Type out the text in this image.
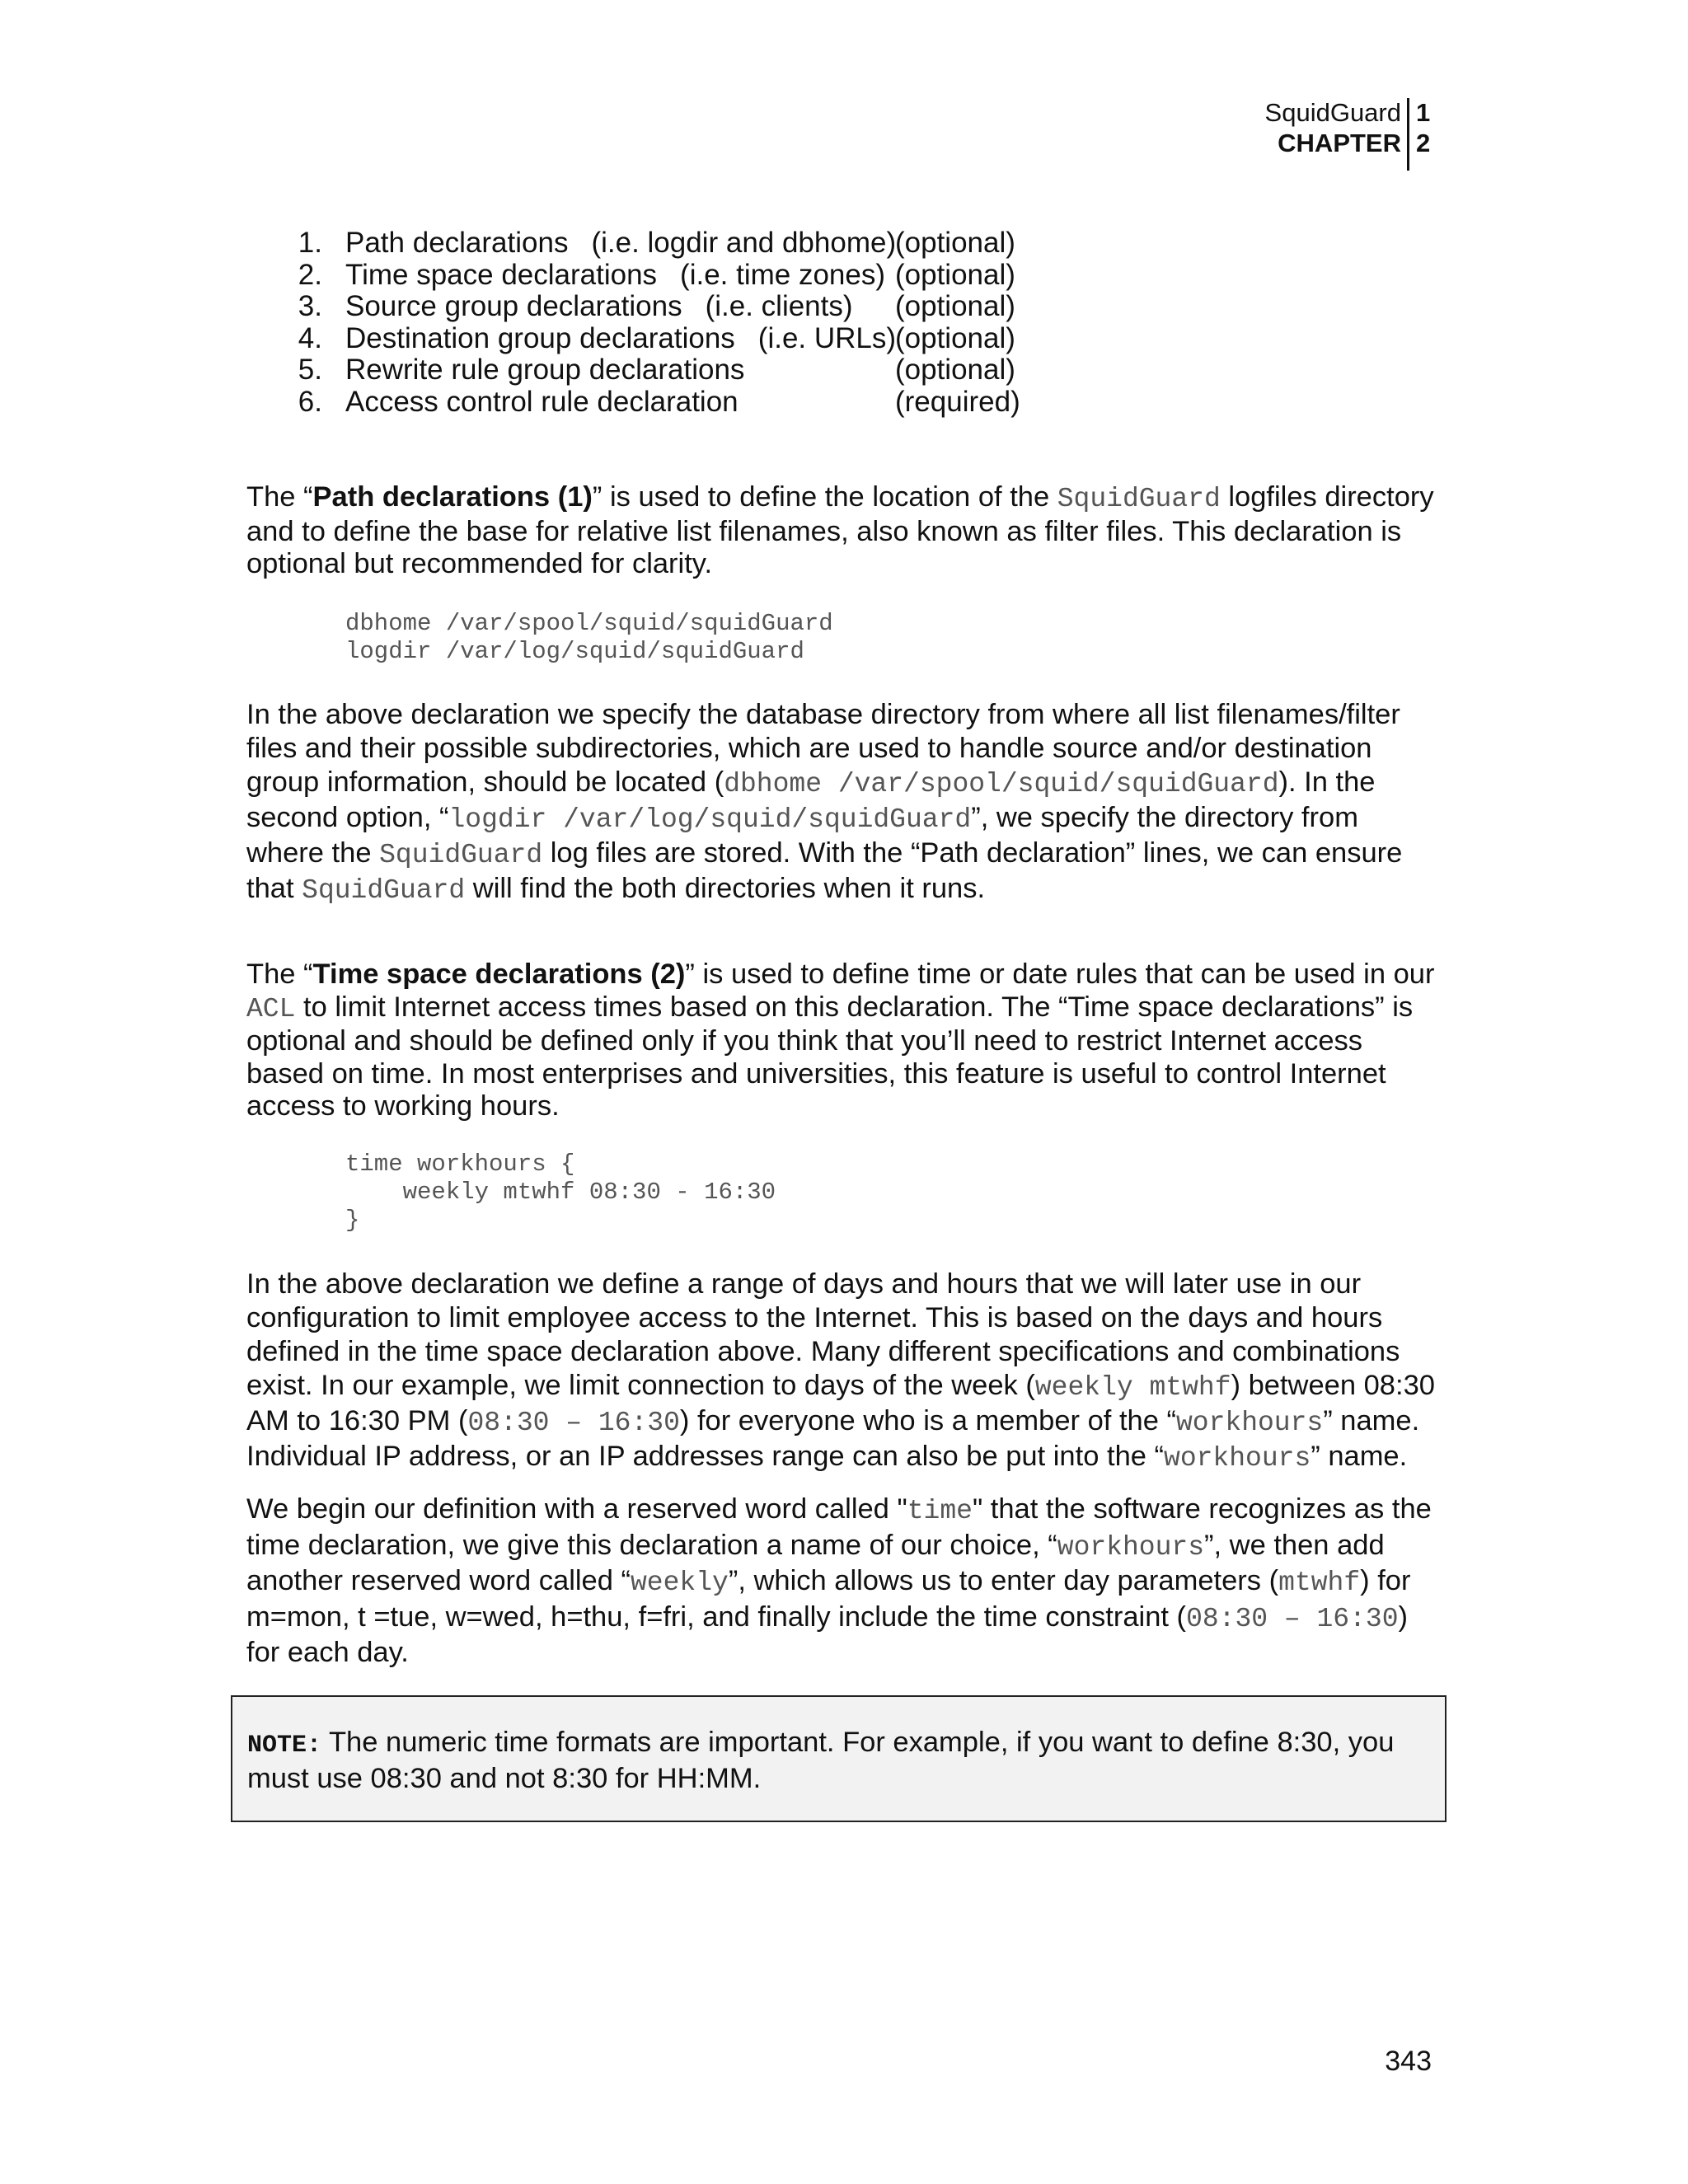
SquidGuard
CHAPTER
1
2
1. Path declarations (i.e. logdir and dbhome)
(optional)
2. Time space declarations (i.e. time zones) (optional)
3. Source group declarations (i.e. clients) (optional)
4. Destination group declarations (i.e. URLs)
(optional)
5. Rewrite rule group declarations	(optional)
6. Access control rule declaration	(required)

The “Path declarations (1)” is used to define the location of the SquidGuard logfiles directory and to define the base for relative list filenames, also known as filter files. This declaration is optional but recommended for clarity.

dbhome /var/spool/squid/squidGuard
logdir /var/log/squid/squidGuard

In the above declaration we specify the database directory from where all list filenames/filter files and their possible subdirectories, which are used to handle source and/or destination group information, should be located (dbhome /var/spool/squid/squidGuard). In the second option, “logdir /var/log/squid/squidGuard”, we specify the directory from where the SquidGuard log files are stored. With the “Path declaration” lines, we can ensure that SquidGuard will find the both directories when it runs.

The “Time space declarations (2)” is used to define time or date rules that can be used in our ACL to limit Internet access times based on this declaration. The “Time space declarations” is optional and should be defined only if you think that you’ll need to restrict Internet access based on time. In most enterprises and universities, this feature is useful to control Internet access to working hours.

time workhours {
weekly mtwhf 08:30 - 16:30
}

In the above declaration we define a range of days and hours that we will later use in our configuration to limit employee access to the Internet. This is based on the days and hours defined in the time space declaration above. Many different specifications and combinations exist. In our example, we limit connection to days of the week (weekly mtwhf) between 08:30 AM to 16:30 PM (08:30 – 16:30) for everyone who is a member of the “workhours” name. Individual IP address, or an IP addresses range can also be put into the “workhours” name.

We begin our definition with a reserved word called "time" that the software recognizes as the time declaration, we give this declaration a name of our choice, “workhours”, we then add another reserved word called “weekly”, which allows us to enter day parameters (mtwhf) for m=mon, t =tue, w=wed, h=thu, f=fri, and finally include the time constraint (08:30 – 16:30) for each day.

NOTE: The numeric time formats are important. For example, if you want to define 8:30, you must use 08:30 and not 8:30 for HH:MM.
343
